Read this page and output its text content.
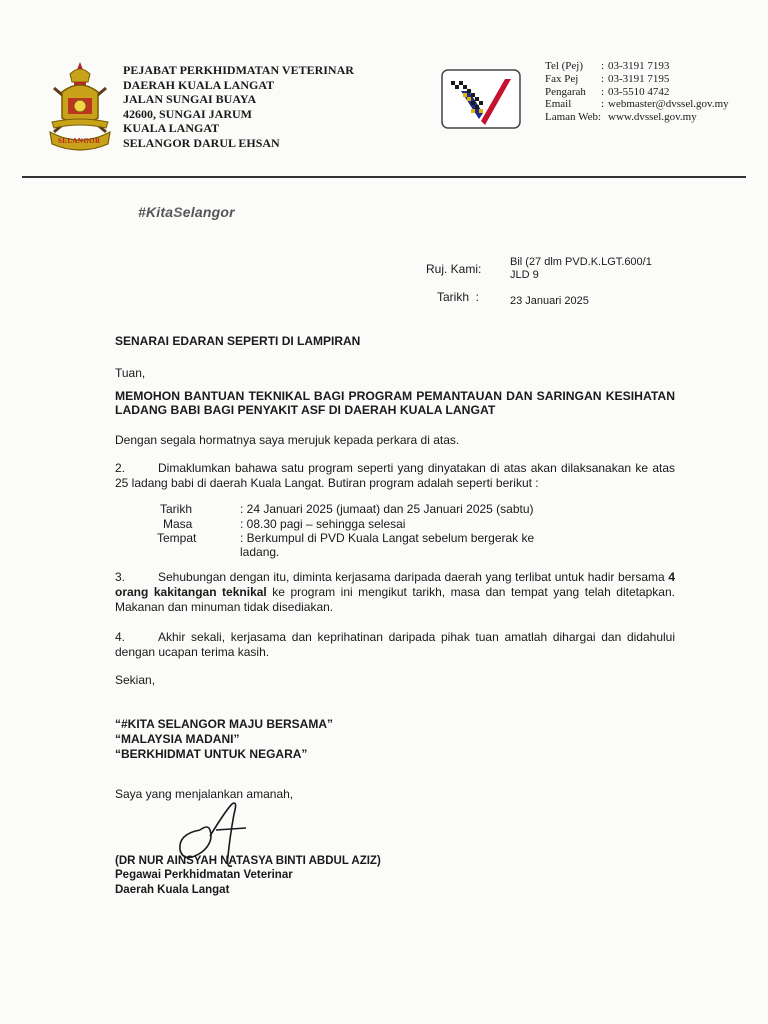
SELANGOR
PEJABAT PERKHIDMATAN VETERINAR
DAERAH KUALA LANGAT
JALAN SUNGAI BUAYA
42600, SUNGAI JARUM
KUALA LANGAT
SELANGOR DARUL EHSAN
Tel (Pej)	: 03-3191 7193
Fax Pej	: 03-3191 7195
Pengarah	: 03-5510 4742
Email	: webmaster@dvssel.gov.my
Laman Web: www.dvssel.gov.my
#KitaSelangor
Ruj. Kami:	Bil (27 dlm PVD.K.LGT.600/1
JLD 9
Tarikh  :	23 Januari 2025
SENARAI EDARAN SEPERTI DI LAMPIRAN
Tuan,
MEMOHON BANTUAN TEKNIKAL BAGI PROGRAM PEMANTAUAN DAN SARINGAN KESIHATAN LADANG BABI BAGI PENYAKIT ASF DI DAERAH KUALA LANGAT
Dengan segala hormatnya saya merujuk kepada perkara di atas.
2.	Dimaklumkan bahawa satu program seperti yang dinyatakan di atas akan dilaksanakan ke atas 25 ladang babi di daerah Kuala Langat. Butiran program adalah seperti berikut :
Tarikh	: 24 Januari 2025 (jumaat) dan 25 Januari 2025 (sabtu)
Masa	: 08.30 pagi – sehingga selesai
Tempat	: Berkumpul di PVD Kuala Langat sebelum bergerak ke ladang.
3.	Sehubungan dengan itu, diminta kerjasama daripada daerah yang terlibat untuk hadir bersama 4 orang kakitangan teknikal ke program ini mengikut tarikh, masa dan tempat yang telah ditetapkan. Makanan dan minuman tidak disediakan.
4.	Akhir sekali, kerjasama dan keprihatinan daripada pihak tuan amatlah dihargai dan didahului dengan ucapan terima kasih.
Sekian,
“#KITA SELANGOR MAJU BERSAMA”
“MALAYSIA MADANI”
“BERKHIDMAT UNTUK NEGARA”
Saya yang menjalankan amanah,
(DR NUR AINSYAH NATASYA BINTI ABDUL AZIZ)
Pegawai Perkhidmatan Veterinar
Daerah Kuala Langat
